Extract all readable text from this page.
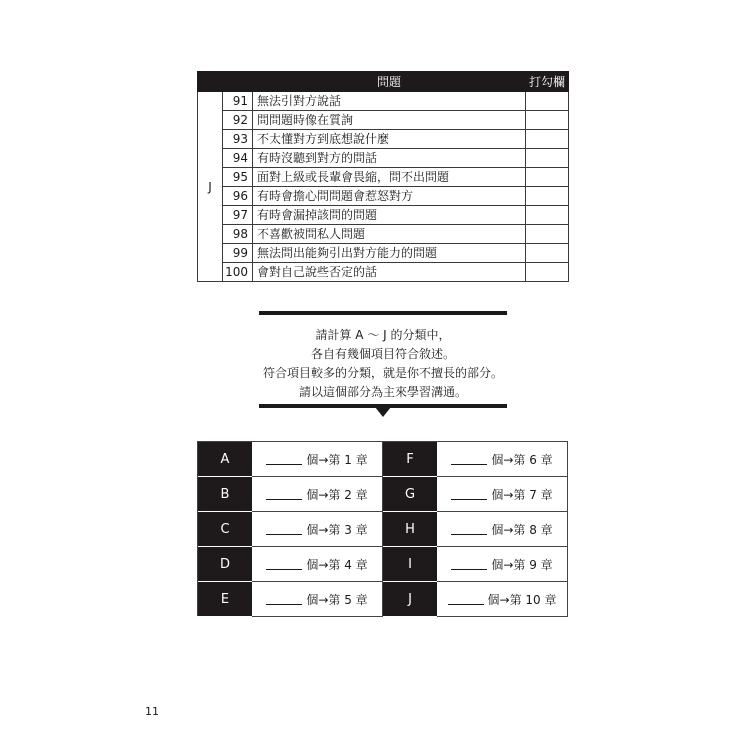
		問題	打勾欄
J	91	無法引對方說話	
	92	問問題時像在質詢	
	93	不太懂對方到底想說什麼	
	94	有時沒聽到對方的問話	
	95	面對上級或長輩會畏縮，問不出問題	
	96	有時會擔心問問題會惹怒對方	
	97	有時會漏掉該問的問題	
	98	不喜歡被問私人問題	
	99	無法問出能夠引出對方能力的問題	
	100	會對自己說些否定的話	
請計算 A ～ J 的分類中，
各自有幾個項目符合敘述。
符合項目較多的分類，就是你不擅長的部分。
請以這個部分為主來學習溝通。
A	個→第 1 章	F	個→第 6 章
B	個→第 2 章	G	個→第 7 章
C	個→第 3 章	H	個→第 8 章
D	個→第 4 章	I	個→第 9 章
E	個→第 5 章	J	個→第 10 章
11
